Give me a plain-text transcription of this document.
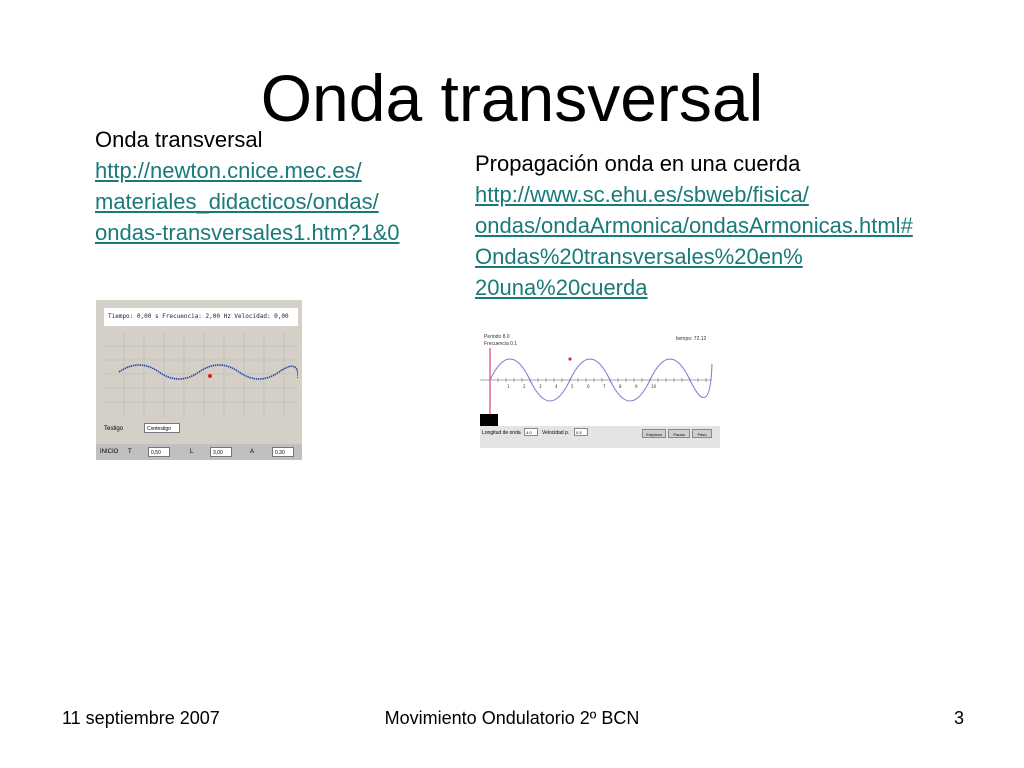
Onda transversal
Onda transversal
http://newton.cnice.mec.es/
materiales_didacticos/ondas/
ondas-transversales1.htm?1&0
Propagación onda en una cuerda
http://www.sc.ehu.es/sbweb/fisica/
ondas/ondaArmonica/ondasArmonicas.html#
Ondas%20transversales%20en%
20una%20cuerda
Tiempo: 0,00 s Frecuencia: 2,00 Hz Velocidad: 0,00
Testigo	Contestigo
INICIO T	0,50	L	3,00	A	0,30
1	2	3	4	5	6	7	8	9	10
Periodo 8.0
Frecuencia 0.1
tiempo: 72.12
Longitud de onda	4.0	Velocidad p.	0.5	Empieza	Pausa	Paso
11 septiembre 2007	Movimiento Ondulatorio 2º BCN	3
